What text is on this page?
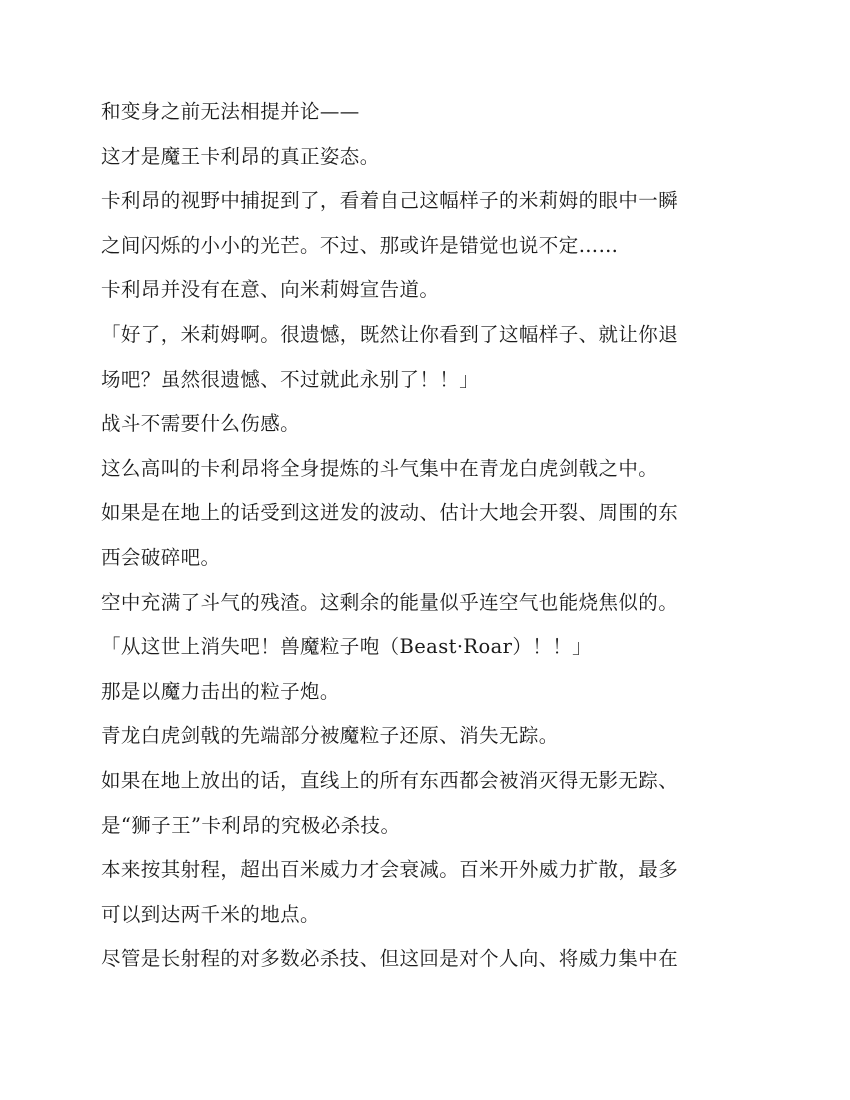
和变身之前无法相提并论——
这才是魔王卡利昂的真正姿态。
卡利昂的视野中捕捉到了，看着自己这幅样子的米莉姆的眼中一瞬
之间闪烁的小小的光芒。不过、那或许是错觉也说不定……
卡利昂并没有在意、向米莉姆宣告道。
「好了，米莉姆啊。很遗憾，既然让你看到了这幅样子、就让你退
场吧？虽然很遗憾、不过就此永别了！！」
战斗不需要什么伤感。
这么高叫的卡利昂将全身提炼的斗气集中在青龙白虎剑戟之中。
如果是在地上的话受到这迸发的波动、估计大地会开裂、周围的东
西会破碎吧。
空中充满了斗气的残渣。这剩余的能量似乎连空气也能烧焦似的。
「从这世上消失吧！兽魔粒子咆（Beast·Roar）！！」
那是以魔力击出的粒子炮。
青龙白虎剑戟的先端部分被魔粒子还原、消失无踪。
如果在地上放出的话，直线上的所有东西都会被消灭得无影无踪、
是“狮子王”卡利昂的究极必杀技。
本来按其射程，超出百米威力才会衰减。百米开外威力扩散，最多
可以到达两千米的地点。
尽管是长射程的对多数必杀技、但这回是对个人向、将威力集中在
